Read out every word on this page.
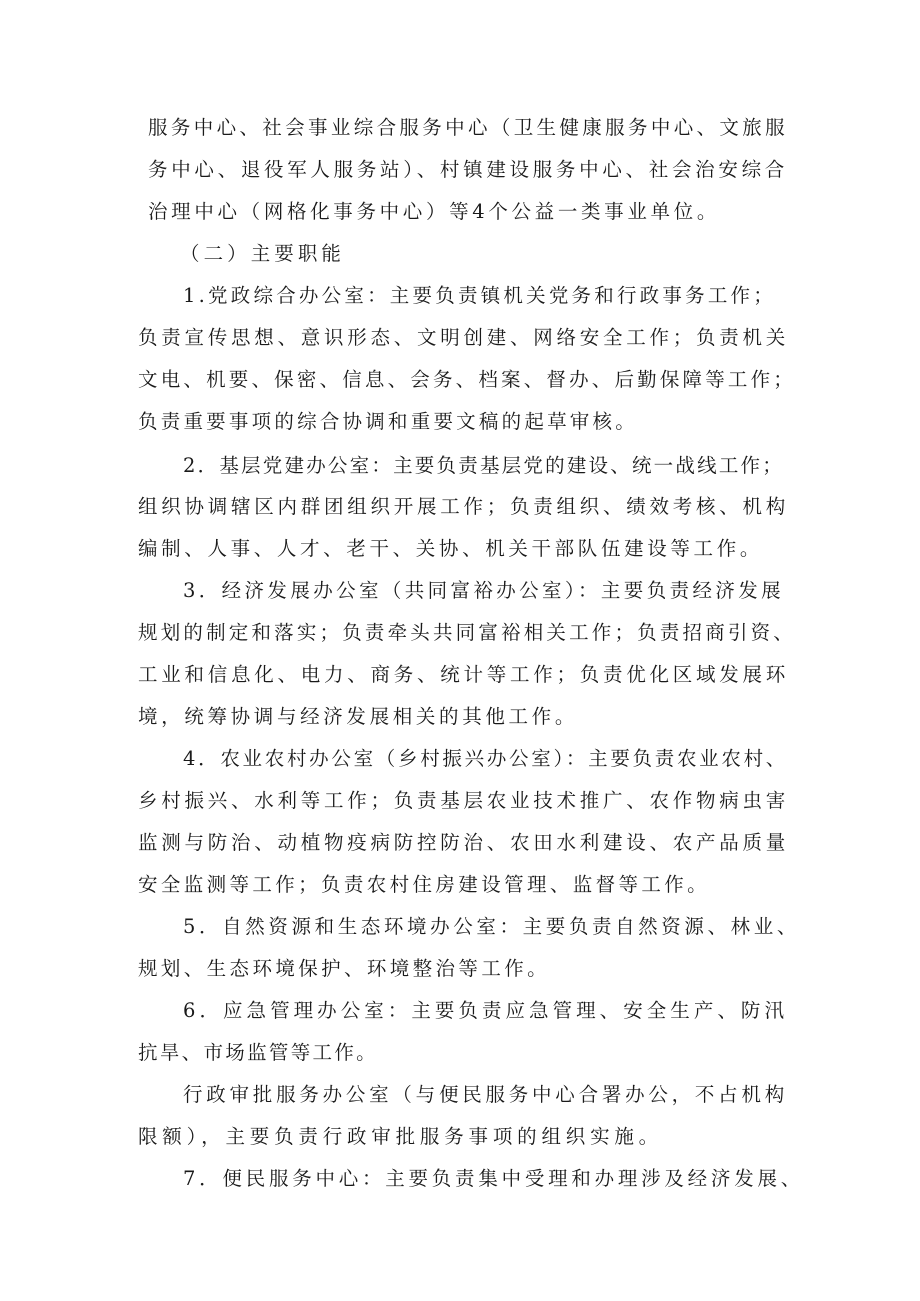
服务中心、社会事业综合服务中心（卫生健康服务中心、文旅服
务中心、退役军人服务站）、村镇建设服务中心、社会治安综合
治理中心（网格化事务中心）等4个公益一类事业单位。
（二）主要职能
1.党政综合办公室：主要负责镇机关党务和行政事务工作；
负责宣传思想、意识形态、文明创建、网络安全工作；负责机关
文电、机要、保密、信息、会务、档案、督办、后勤保障等工作；
负责重要事项的综合协调和重要文稿的起草审核。
2．基层党建办公室：主要负责基层党的建设、统一战线工作；
组织协调辖区内群团组织开展工作；负责组织、绩效考核、机构
编制、人事、人才、老干、关协、机关干部队伍建设等工作。
3．经济发展办公室（共同富裕办公室）：主要负责经济发展
规划的制定和落实；负责牵头共同富裕相关工作；负责招商引资、
工业和信息化、电力、商务、统计等工作；负责优化区域发展环
境，统筹协调与经济发展相关的其他工作。
4．农业农村办公室（乡村振兴办公室）：主要负责农业农村、
乡村振兴、水利等工作；负责基层农业技术推广、农作物病虫害
监测与防治、动植物疫病防控防治、农田水利建设、农产品质量
安全监测等工作；负责农村住房建设管理、监督等工作。
5．自然资源和生态环境办公室：主要负责自然资源、林业、
规划、生态环境保护、环境整治等工作。
6．应急管理办公室：主要负责应急管理、安全生产、防汛
抗旱、市场监管等工作。
行政审批服务办公室（与便民服务中心合署办公，不占机构
限额），主要负责行政审批服务事项的组织实施。
7．便民服务中心：主要负责集中受理和办理涉及经济发展、
